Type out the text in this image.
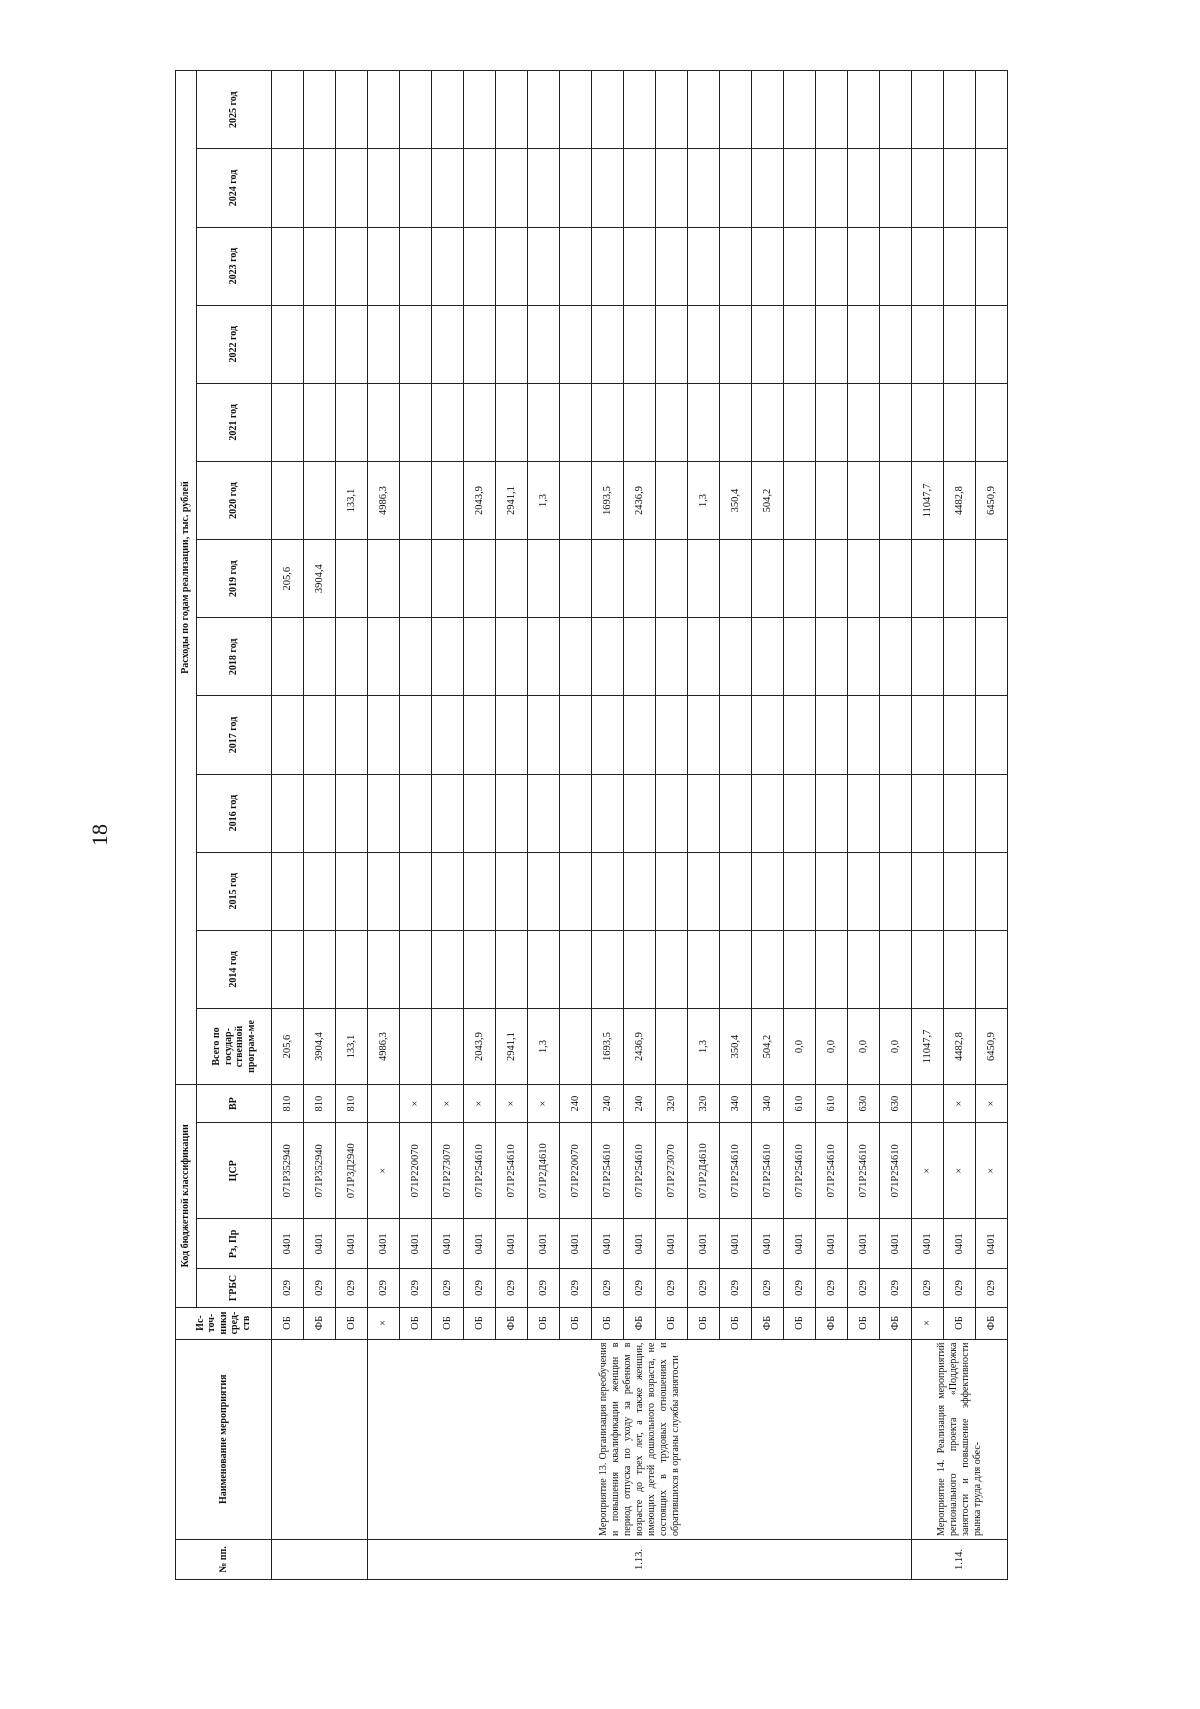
18
№ пп.	Наименование мероприятия	Ис-точ-ники сред-ств	Код бюджетной классификации				Расходы по годам реализации, тыс. рублей												
			ГРБС	Рз, Пр	ЦСР	ВР	Всего по государ-ственной програм-ме	2014 год	2015 год	2016 год	2017 год	2018 год	2019 год	2020 год	2021 год	2022 год	2023 год	2024 год	2025 год
		ОБ	029	0401	071Р352940	810	205,6						205,6						
		ФБ	029	0401	071Р352940	810	3904,4						3904,4						
		ОБ	029	0401	071Р3Д2940	810	133,1							133,1					
1.13.	Мероприятие 13. Организация переобучения и повышения квалификации женщин в период отпуска по уходу за ребенком в возрасте до трех лет, а также женщин, имеющих детей дошкольного возраста, не состоящих в трудовых отношениях и обратившихся в органы службы занятости	×	029	0401	×		4986,3							4986,3					
		ОБ	029	0401	071Р220070	×													
		ОБ	029	0401	071Р273070	×													
		ОБ	029	0401	071Р254610	×	2043,9							2043,9					
		ФБ	029	0401	071Р254610	×	2941,1							2941,1					
		ОБ	029	0401	071Р2Д4610	×	1,3							1,3					
		ОБ	029	0401	071Р220070	240													
		ОБ	029	0401	071Р254610	240	1693,5							1693,5					
		ФБ	029	0401	071Р254610	240	2436,9							2436,9					
		ОБ	029	0401	071Р273070	320													
		ОБ	029	0401	071Р2Д4610	320	1,3							1,3					
		ОБ	029	0401	071Р254610	340	350,4							350,4					
		ФБ	029	0401	071Р254610	340	504,2							504,2					
		ОБ	029	0401	071Р254610	610	0,0												
		ФБ	029	0401	071Р254610	610	0,0												
		ОБ	029	0401	071Р254610	630	0,0												
		ФБ	029	0401	071Р254610	630	0,0												
1.14.	Мероприятие 14. Реализация мероприятий регионального проекта «Поддержка занятости и повышение эффективности рынка труда для обес-	×	029	0401	×		11047,7							11047,7					
		ОБ	029	0401	×	×	4482,8							4482,8					
		ФБ	029	0401	×	×	6450,9							6450,9					
